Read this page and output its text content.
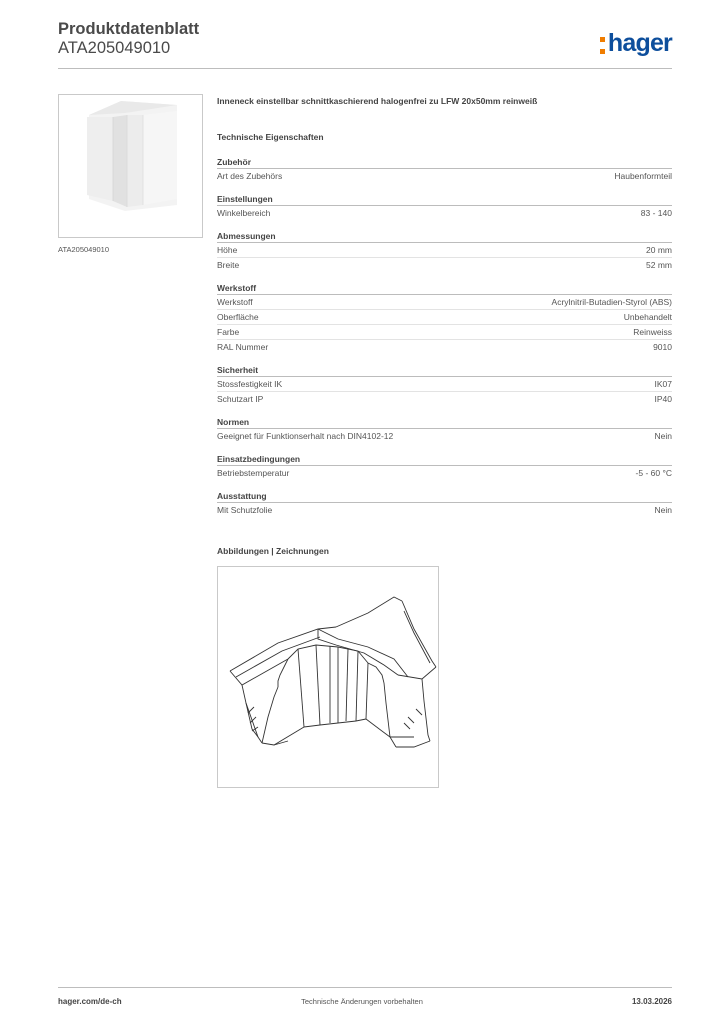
Produktdatenblatt
ATA205049010	hager
ATA205049010
Inneneck einstellbar schnittkaschierend halogenfrei zu LFW 20x50mm reinweiß
Technische Eigenschaften
Zubehör
Art des Zubehörs	Haubenformteil
Einstellungen
Winkelbereich	83 - 140
Abmessungen
Höhe	20 mm
Breite	52 mm
Werkstoff
Werkstoff	Acrylnitril-Butadien-Styrol (ABS)
Oberfläche	Unbehandelt
Farbe	Reinweiss
RAL Nummer	9010
Sicherheit
Stossfestigkeit IK	IK07
Schutzart IP	IP40
Normen
Geeignet für Funktionserhalt nach DIN4102-12	Nein
Einsatzbedingungen
Betriebstemperatur	-5 - 60 °C
Ausstattung
Mit Schutzfolie	Nein
Abbildungen | Zeichnungen
hager.com/de-ch	Technische Änderungen vorbehalten	13.03.2026
